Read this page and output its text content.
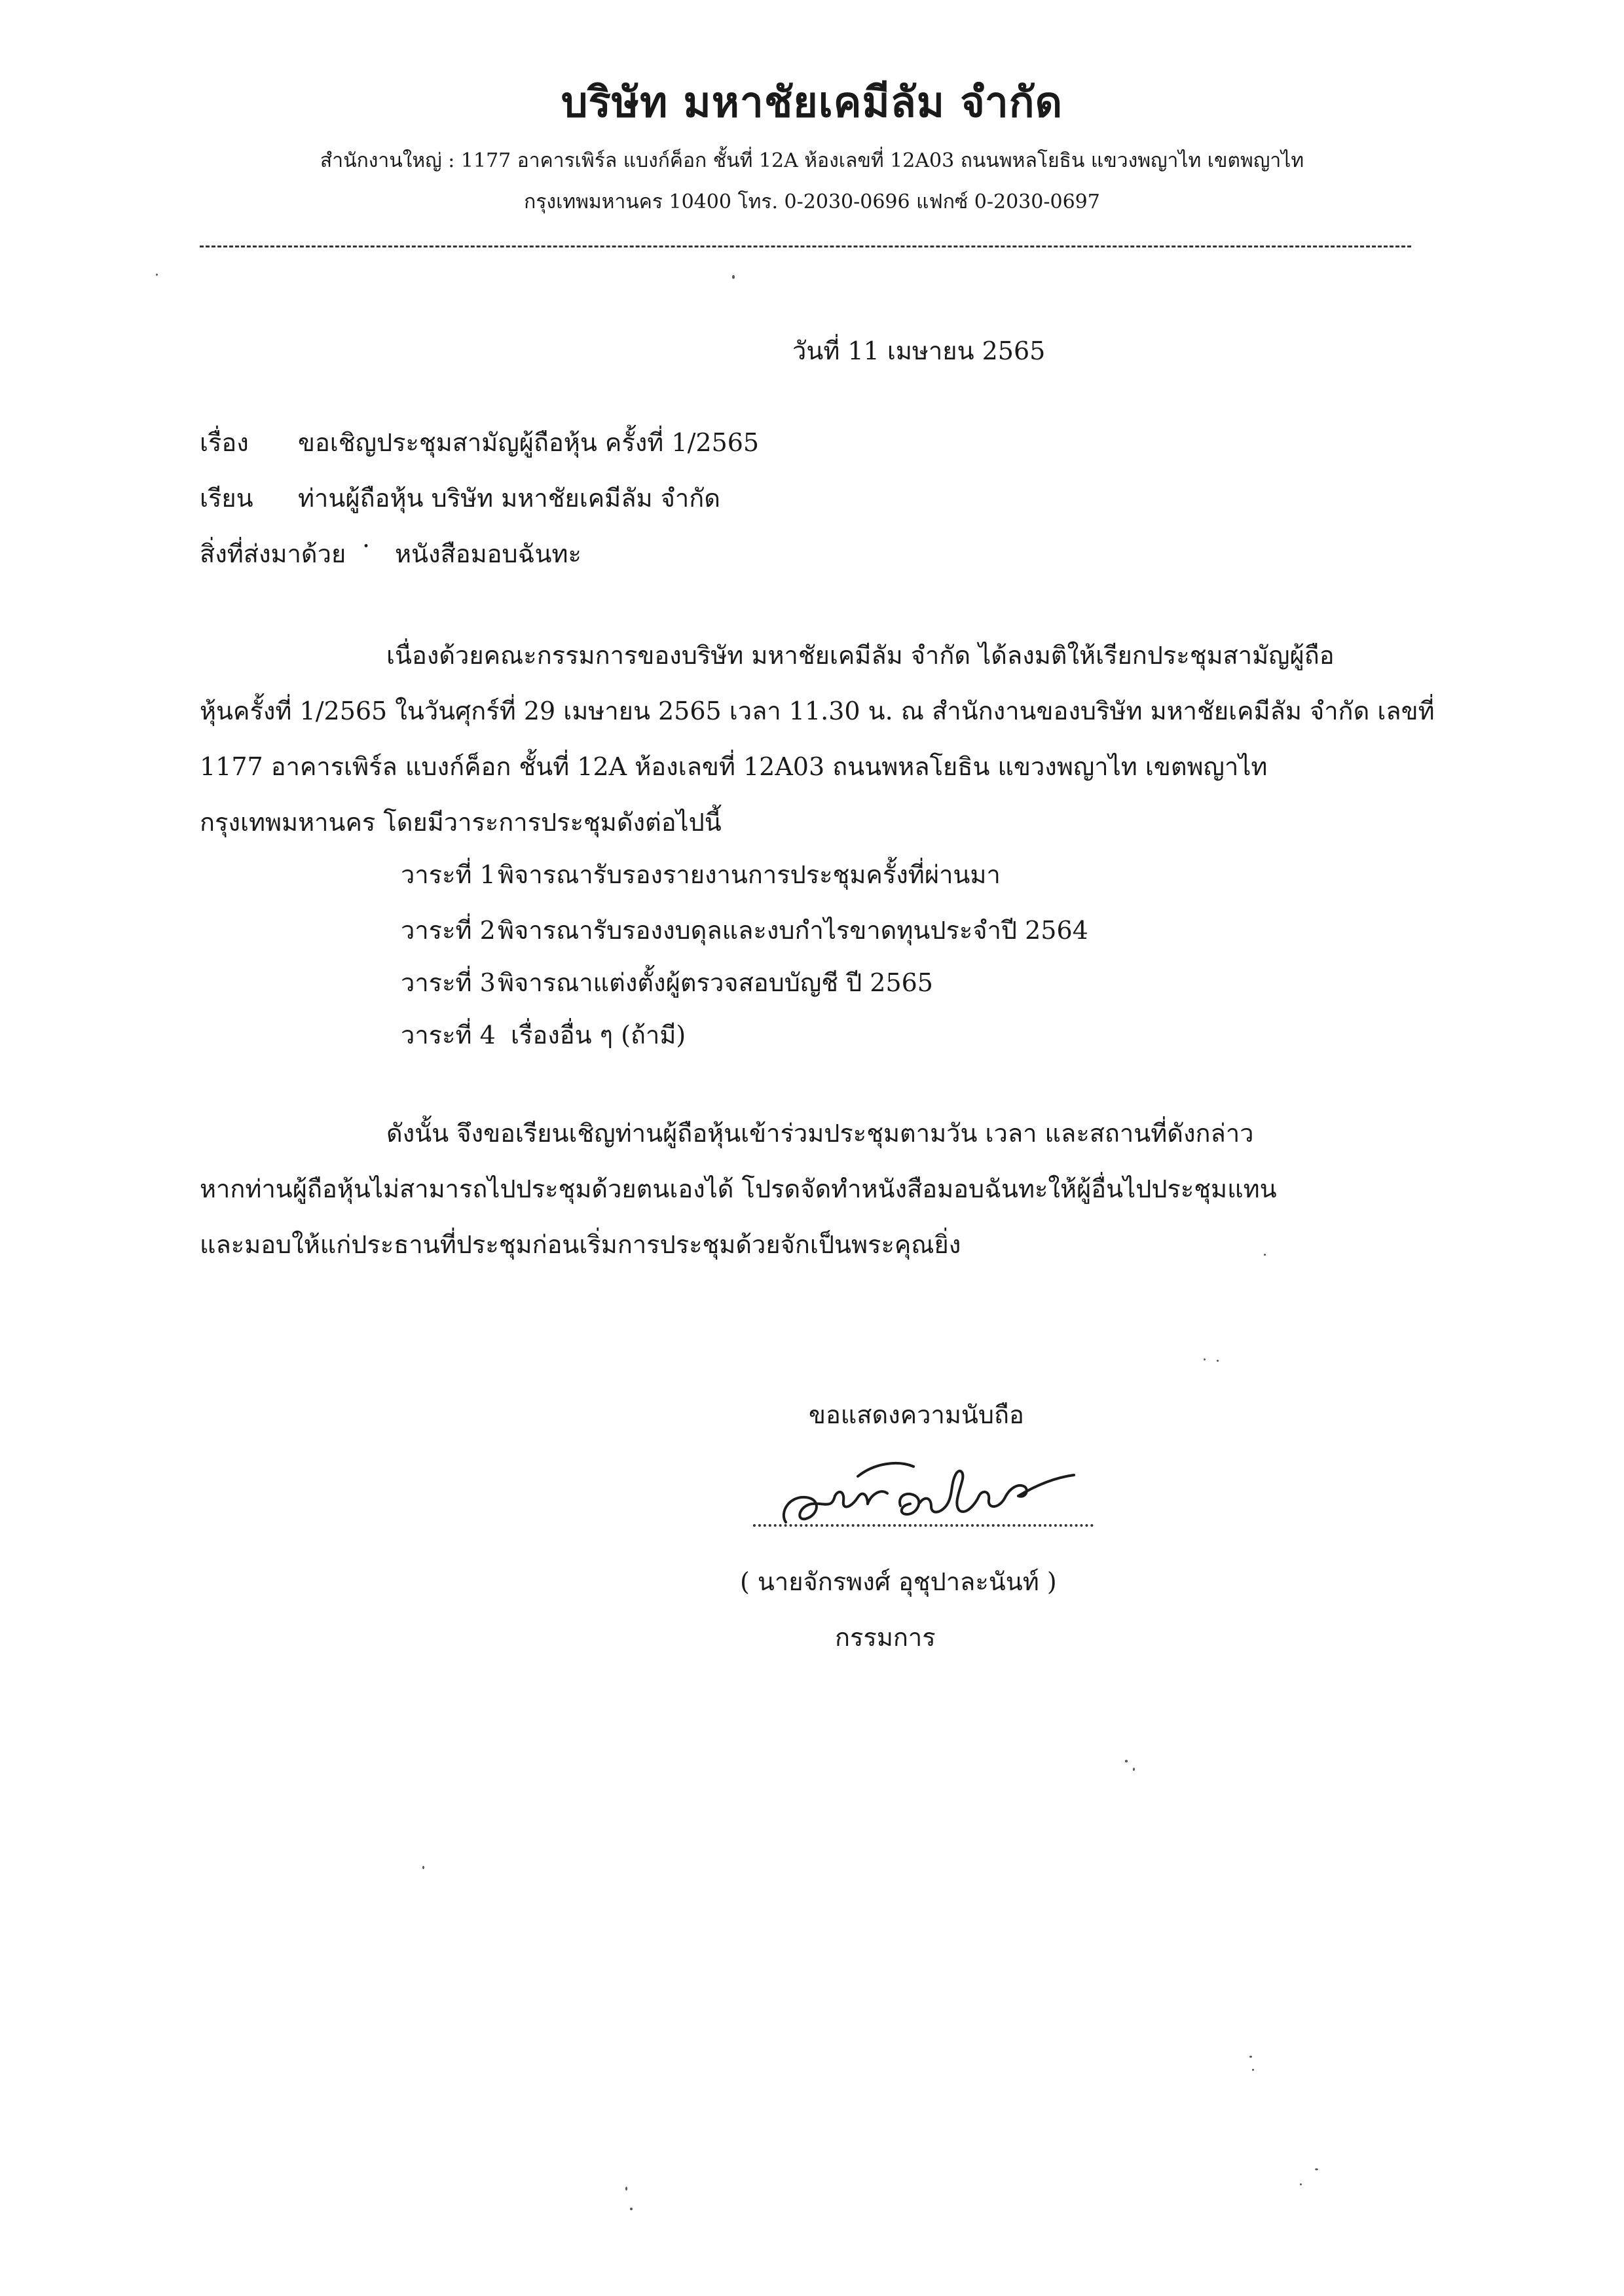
บริษัท มหาชัยเคมีลัม จำกัด
สำนักงานใหญ่ : 1177 อาคารเพิร์ล แบงก์ค็อก ชั้นที่ 12A ห้องเลขที่ 12A03 ถนนพหลโยธิน แขวงพญาไท เขตพญาไท
กรุงเทพมหานคร 10400 โทร. 0-2030-0696 แฟกซ์ 0-2030-0697
วันที่ 11 เมษายน 2565
เรื่อง ขอเชิญประชุมสามัญผู้ถือหุ้น ครั้งที่ 1/2565
เรียน ท่านผู้ถือหุ้น บริษัท มหาชัยเคมีลัม จำกัด
สิ่งที่ส่งมาด้วย · หนังสือมอบฉันทะ
เนื่องด้วยคณะกรรมการของบริษัท มหาชัยเคมีลัม จำกัด ได้ลงมติให้เรียกประชุมสามัญผู้ถือ
หุ้นครั้งที่ 1/2565 ในวันศุกร์ที่ 29 เมษายน 2565 เวลา 11.30 น. ณ สำนักงานของบริษัท มหาชัยเคมีลัม จำกัด เลขที่
1177 อาคารเพิร์ล แบงก์ค็อก ชั้นที่ 12A ห้องเลขที่ 12A03 ถนนพหลโยธิน แขวงพญาไท เขตพญาไท
กรุงเทพมหานคร โดยมีวาระการประชุมดังต่อไปนี้
วาระที่ 1 พิจารณารับรองรายงานการประชุมครั้งที่ผ่านมา
วาระที่ 2 พิจารณารับรองงบดุลและงบกำไรขาดทุนประจำปี 2564
วาระที่ 3 พิจารณาแต่งตั้งผู้ตรวจสอบบัญชี ปี 2565
วาระที่ 4 เรื่องอื่น ๆ (ถ้ามี)
ดังนั้น จึงขอเรียนเชิญท่านผู้ถือหุ้นเข้าร่วมประชุมตามวัน เวลา และสถานที่ดังกล่าว
หากท่านผู้ถือหุ้นไม่สามารถไปประชุมด้วยตนเองได้ โปรดจัดทำหนังสือมอบฉันทะให้ผู้อื่นไปประชุมแทน
และมอบให้แก่ประธานที่ประชุมก่อนเริ่มการประชุมด้วยจักเป็นพระคุณยิ่ง
ขอแสดงความนับถือ
( นายจักรพงศ์ อุชุปาละนันท์ )
กรรมการ
